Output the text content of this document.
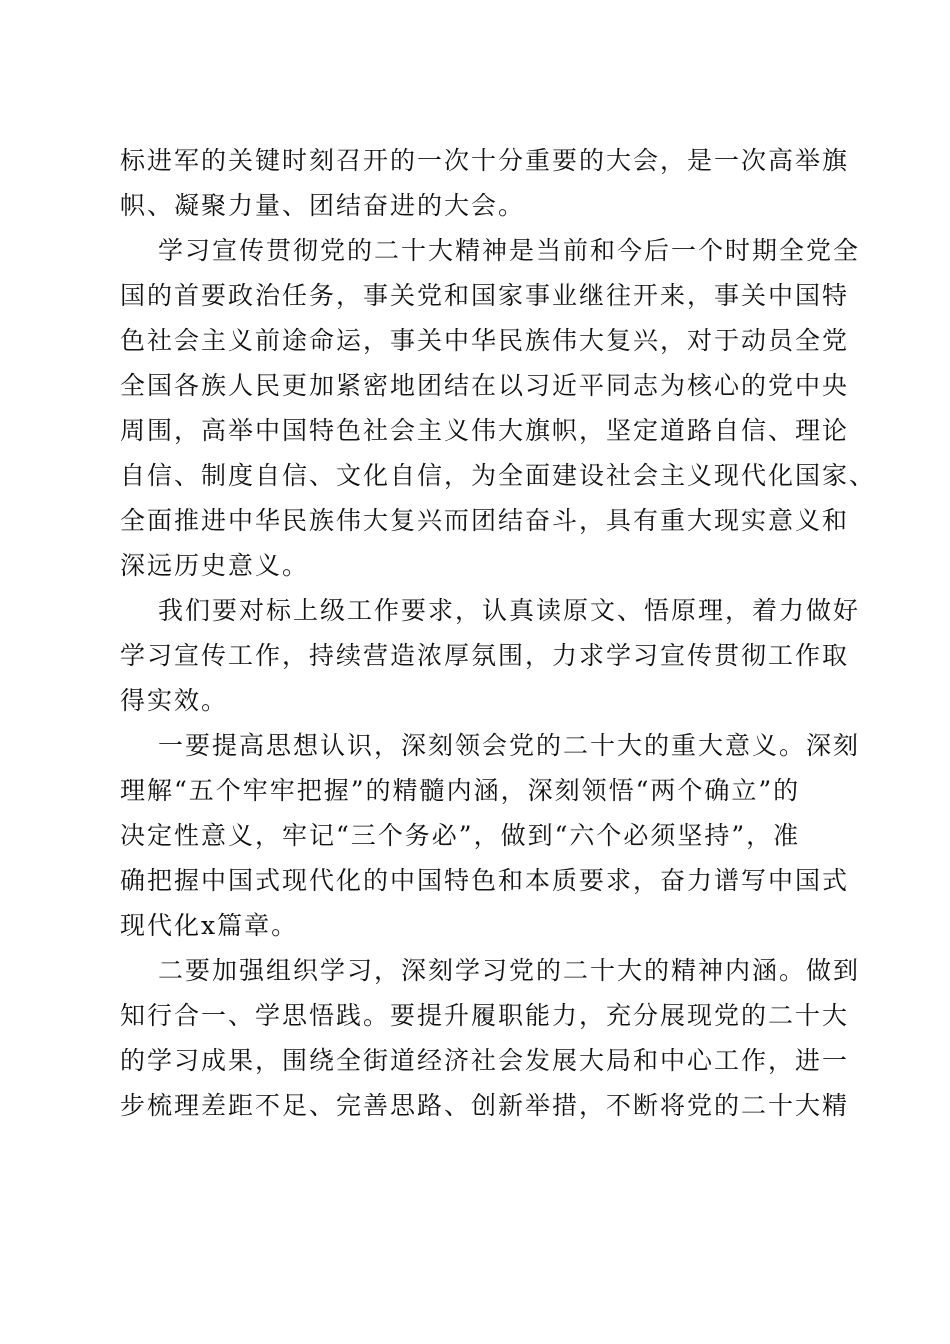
标进军的关键时刻召开的一次十分重要的大会，是一次高举旗
帜、凝聚力量、团结奋进的大会。
学习宣传贯彻党的二十大精神是当前和今后一个时期全党全
国的首要政治任务，事关党和国家事业继往开来，事关中国特
色社会主义前途命运，事关中华民族伟大复兴，对于动员全党
全国各族人民更加紧密地团结在以习近平同志为核心的党中央
周围，高举中国特色社会主义伟大旗帜，坚定道路自信、理论
自信、制度自信、文化自信，为全面建设社会主义现代化国家、
全面推进中华民族伟大复兴而团结奋斗，具有重大现实意义和
深远历史意义。
我们要对标上级工作要求，认真读原文、悟原理，着力做好
学习宣传工作，持续营造浓厚氛围，力求学习宣传贯彻工作取
得实效。
一要提高思想认识，深刻领会党的二十大的重大意义。深刻
理解“五个牢牢把握”的精髓内涵，深刻领悟“两个确立”的
决定性意义，牢记“三个务必”，做到“六个必须坚持”，准
确把握中国式现代化的中国特色和本质要求，奋力谱写中国式
现代化x篇章。
二要加强组织学习，深刻学习党的二十大的精神内涵。做到
知行合一、学思悟践。要提升履职能力，充分展现党的二十大
的学习成果，围绕全街道经济社会发展大局和中心工作，进一
步梳理差距不足、完善思路、创新举措，不断将党的二十大精
